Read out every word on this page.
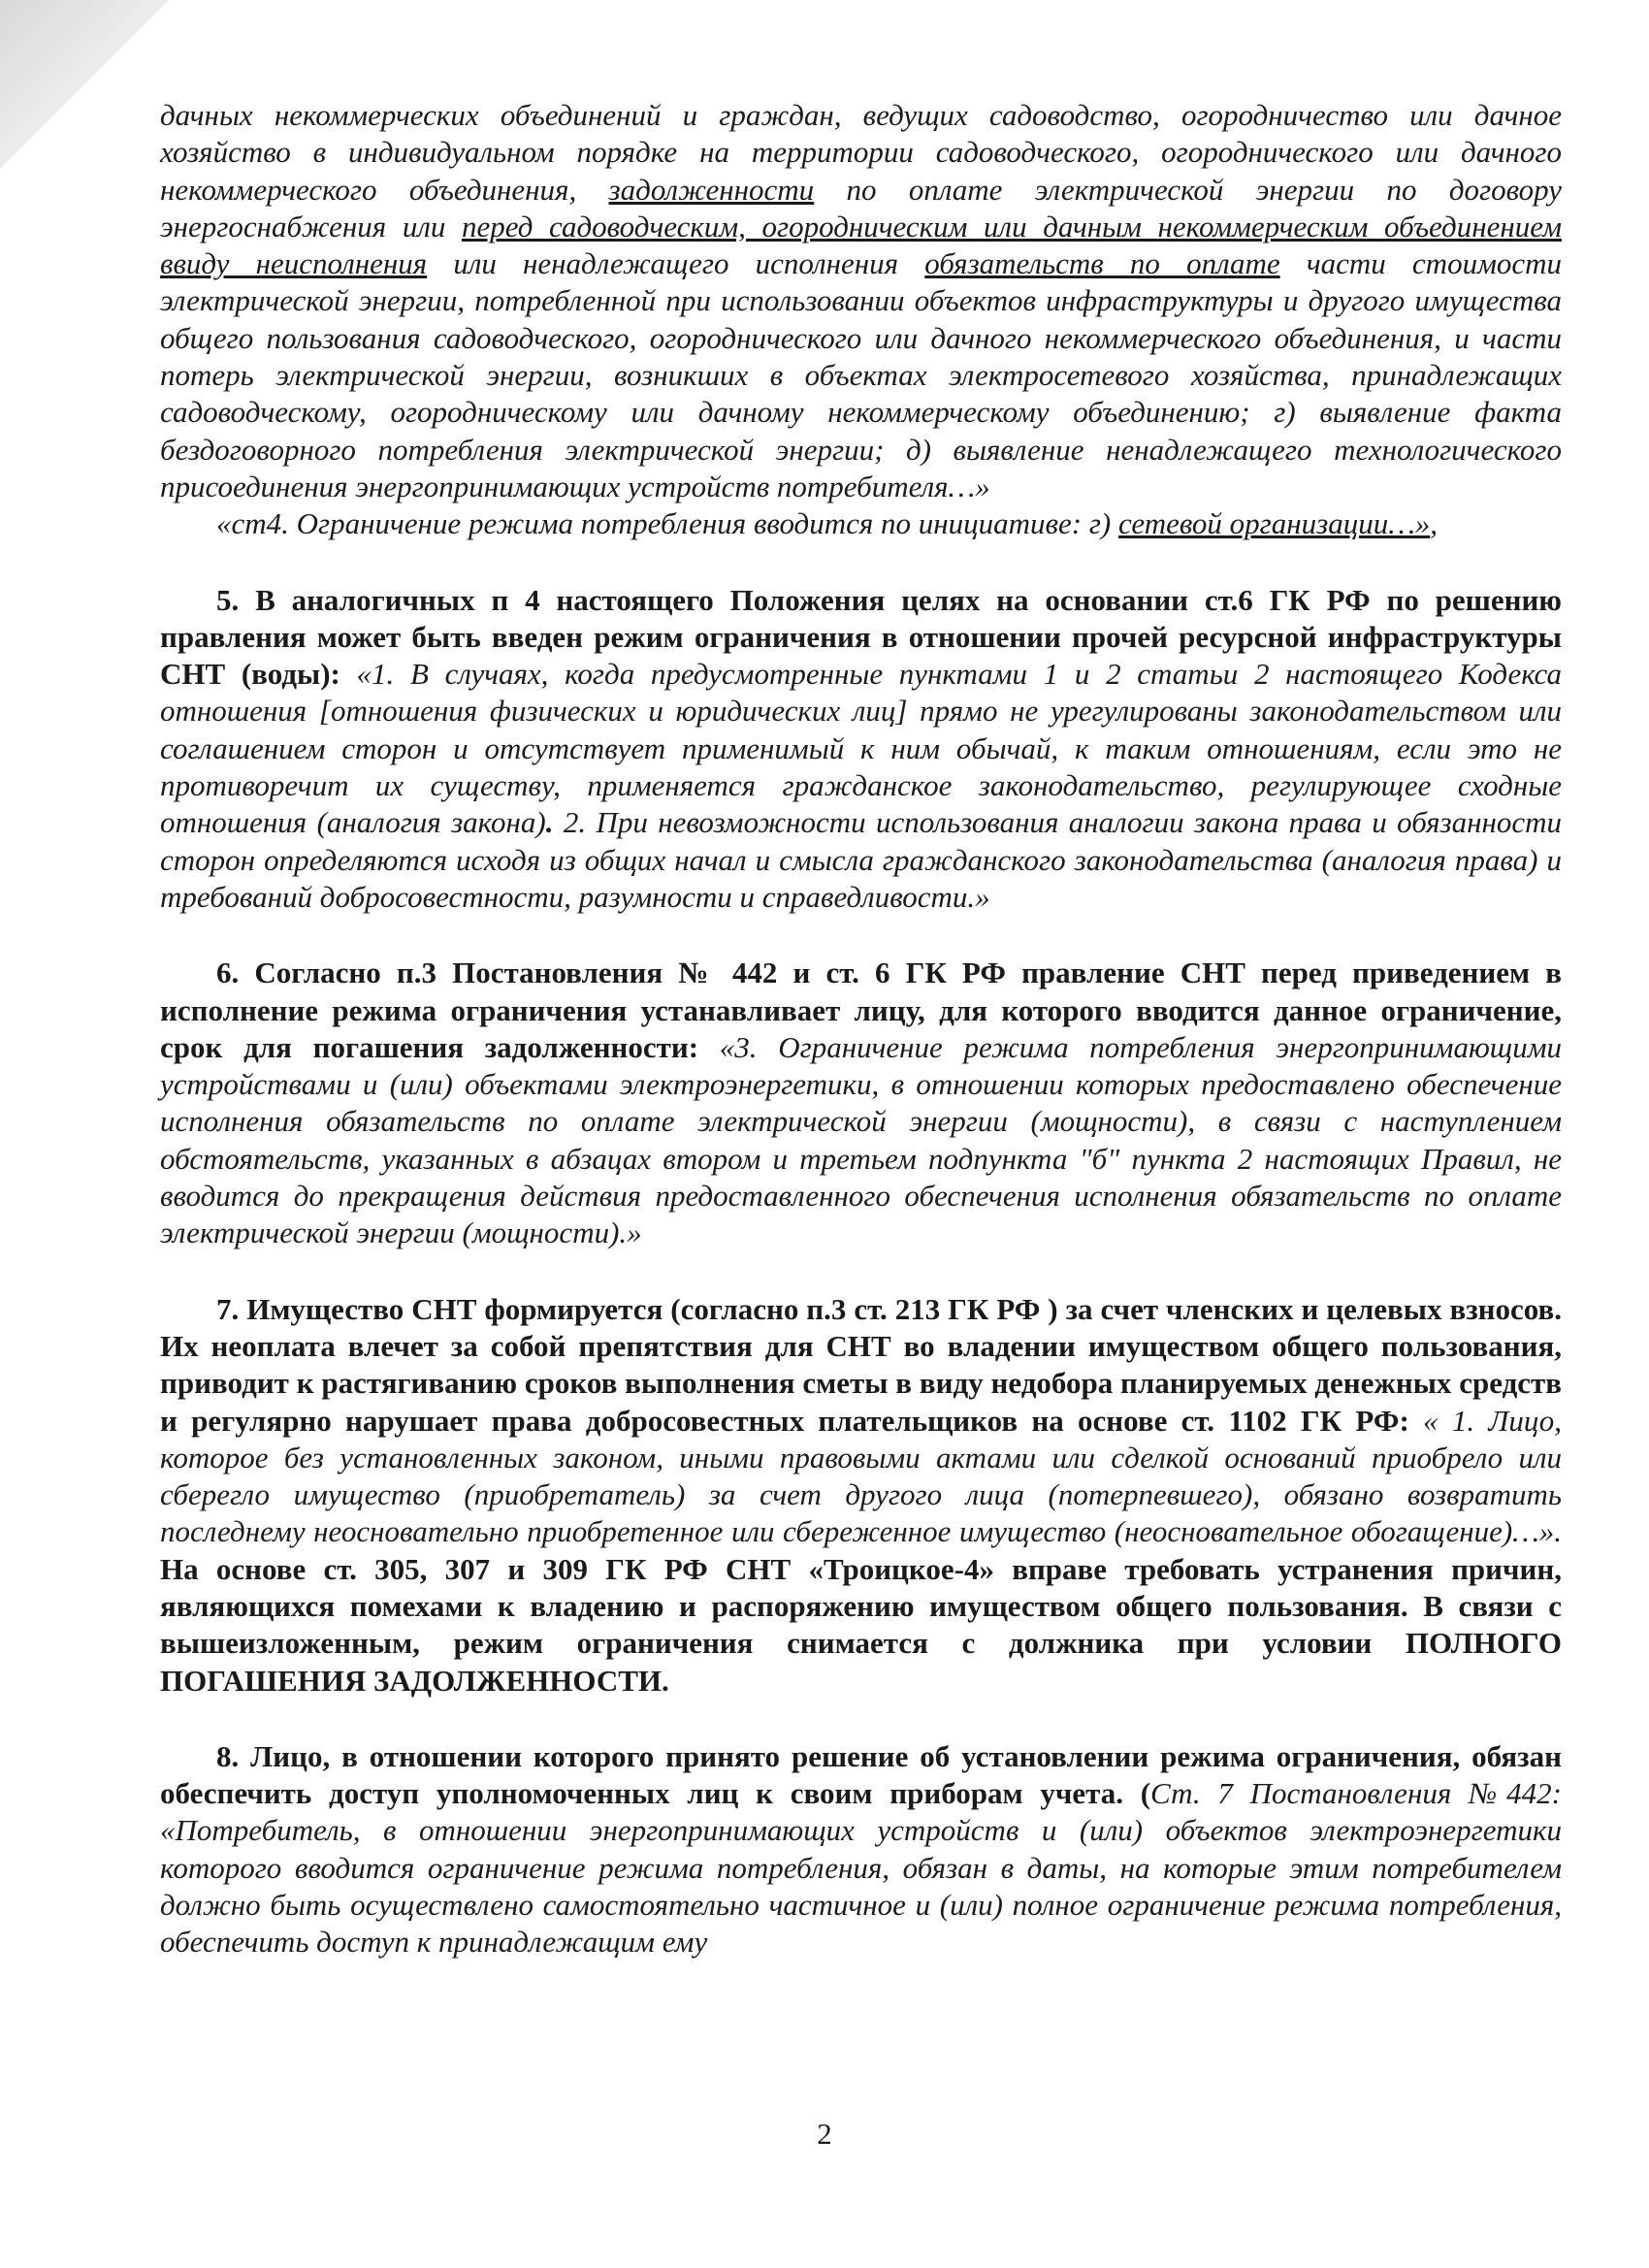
дачных некоммерческих объединений и граждан, ведущих садоводство, огородничество или дачное хозяйство в индивидуальном порядке на территории садоводческого, огороднического или дачного некоммерческого объединения, задолженности по оплате электрической энергии по договору энергоснабжения или перед садоводческим, огородническим или дачным некоммерческим объединением ввиду неисполнения или ненадлежащего исполнения обязательств по оплате части стоимости электрической энергии, потребленной при использовании объектов инфраструктуры и другого имущества общего пользования садоводческого, огороднического или дачного некоммерческого объединения, и части потерь электрической энергии, возникших в объектах электросетевого хозяйства, принадлежащих садоводческому, огородническому или дачному некоммерческому объединению; г) выявление факта бездоговорного потребления электрической энергии; д) выявление ненадлежащего технологического присоединения энергопринимающих устройств потребителя…»

«ст4. Ограничение режима потребления вводится по инициативе: г) сетевой организации…»,

5. В аналогичных п 4 настоящего Положения целях на основании ст.6 ГК РФ по решению правления может быть введен режим ограничения в отношении прочей ресурсной инфраструктуры СНТ (воды): «1. В случаях, когда предусмотренные пунктами 1 и 2 статьи 2 настоящего Кодекса отношения [отношения физических и юридических лиц] прямо не урегулированы законодательством или соглашением сторон и отсутствует применимый к ним обычай, к таким отношениям, если это не противоречит их существу, применяется гражданское законодательство, регулирующее сходные отношения (аналогия закона). 2. При невозможности использования аналогии закона права и обязанности сторон определяются исходя из общих начал и смысла гражданского законодательства (аналогия права) и требований добросовестности, разумности и справедливости.»

6. Согласно п.3 Постановления № 442 и ст. 6 ГК РФ правление СНТ перед приведением в исполнение режима ограничения устанавливает лицу, для которого вводится данное ограничение, срок для погашения задолженности: «3. Ограничение режима потребления энергопринимающими устройствами и (или) объектами электроэнергетики, в отношении которых предоставлено обеспечение исполнения обязательств по оплате электрической энергии (мощности), в связи с наступлением обстоятельств, указанных в абзацах втором и третьем подпункта "б" пункта 2 настоящих Правил, не вводится до прекращения действия предоставленного обеспечения исполнения обязательств по оплате электрической энергии (мощности).»

7. Имущество СНТ формируется (согласно п.3 ст. 213 ГК РФ ) за счет членских и целевых взносов. Их неоплата влечет за собой препятствия для СНТ во владении имуществом общего пользования, приводит к растягиванию сроков выполнения сметы в виду недобора планируемых денежных средств и регулярно нарушает права добросовестных плательщиков на основе ст. 1102 ГК РФ: « 1. Лицо, которое без установленных законом, иными правовыми актами или сделкой оснований приобрело или сберегло имущество (приобретатель) за счет другого лица (потерпевшего), обязано возвратить последнему неосновательно приобретенное или сбереженное имущество (неосновательное обогащение)…». На основе ст. 305, 307 и 309 ГК РФ СНТ «Троицкое-4» вправе требовать устранения причин, являющихся помехами к владению и распоряжению имуществом общего пользования. В связи с вышеизложенным, режим ограничения снимается с должника при условии ПОЛНОГО ПОГАШЕНИЯ ЗАДОЛЖЕННОСТИ.

8. Лицо, в отношении которого принято решение об установлении режима ограничения, обязан обеспечить доступ уполномоченных лиц к своим приборам учета. (Ст. 7 Постановления №442: «Потребитель, в отношении энергопринимающих устройств и (или) объектов электроэнергетики которого вводится ограничение режима потребления, обязан в даты, на которые этим потребителем должно быть осуществлено самостоятельно частичное и (или) полное ограничение режима потребления, обеспечить доступ к принадлежащим ему

2
